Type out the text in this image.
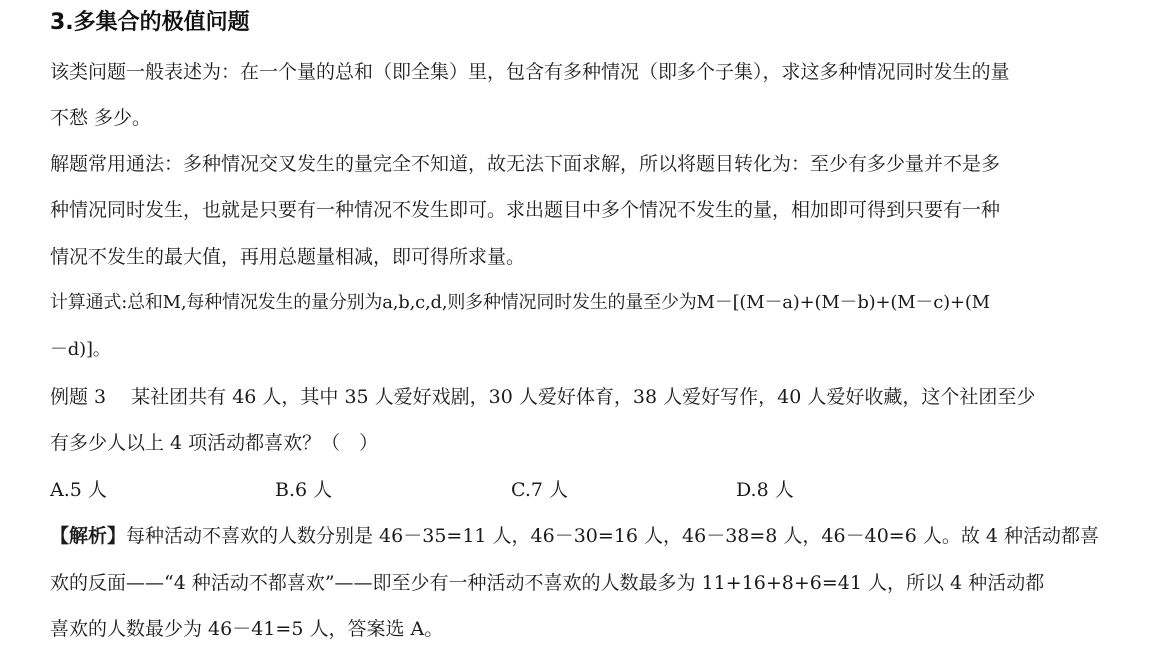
3.多集合的极值问题
该类问题一般表述为：在一个量的总和（即全集）里，包含有多种情况（即多个子集），求这多种情况同时发生的量
不愁 多少。
解题常用通法：多种情况交叉发生的量完全不知道，故无法下面求解，所以将题目转化为：至少有多少量并不是多
种情况同时发生，也就是只要有一种情况不发生即可。求出题目中多个情况不发生的量，相加即可得到只要有一种
情况不发生的最大值，再用总题量相减，即可得所求量。
计算通式:总和M,每种情况发生的量分别为a,b,c,d,则多种情况同时发生的量至少为M－[(M－a)+(M－b)+(M－c)+(M
－d)]。
例题 3　 某社团共有 46 人，其中 35 人爱好戏剧，30 人爱好体育，38 人爱好写作，40 人爱好收藏，这个社团至少
有多少人以上 4 项活动都喜欢？（　）
A.5 人	B.6 人	C.7 人	D.8 人
【解析】每种活动不喜欢的人数分别是 46－35=11 人，46－30=16 人，46－38=8 人，46－40=6 人。故 4 种活动都喜
欢的反面——“4 种活动不都喜欢”——即至少有一种活动不喜欢的人数最多为 11+16+8+6=41 人，所以 4 种活动都
喜欢的人数最少为 46－41=5 人，答案选 A。
